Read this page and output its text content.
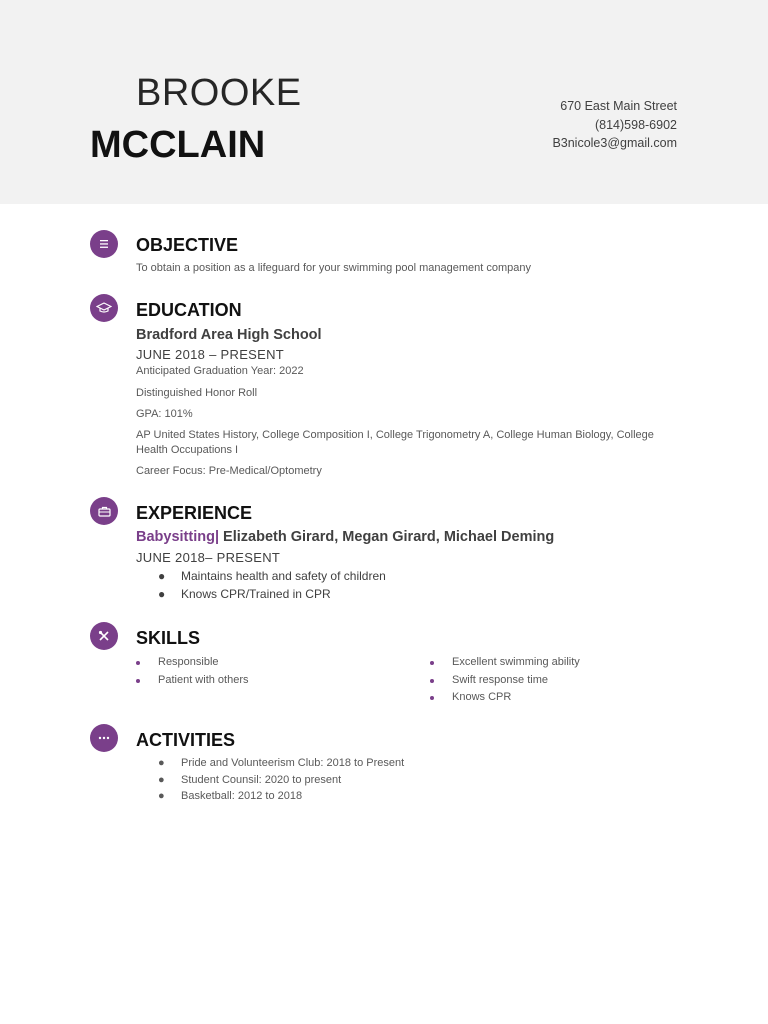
BROOKE
MCCLAIN
670 East Main Street
(814)598-6902
B3nicole3@gmail.com
OBJECTIVE
To obtain a position as a lifeguard for your swimming pool management company
EDUCATION
Bradford Area High School
JUNE 2018 – PRESENT
Anticipated Graduation Year: 2022
Distinguished Honor Roll
GPA: 101%
AP United States History, College Composition I, College Trigonometry A, College Human Biology, College Health Occupations I
Career Focus: Pre-Medical/Optometry
EXPERIENCE
Babysitting| Elizabeth Girard, Megan Girard, Michael Deming
JUNE 2018– PRESENT
● Maintains health and safety of children
● Knows CPR/Trained in CPR
SKILLS
Responsible
Patient with others
Excellent swimming ability
Swift response time
Knows CPR
ACTIVITIES
● Pride and Volunteerism Club: 2018 to Present
● Student Counsil: 2020 to present
● Basketball: 2012 to 2018
